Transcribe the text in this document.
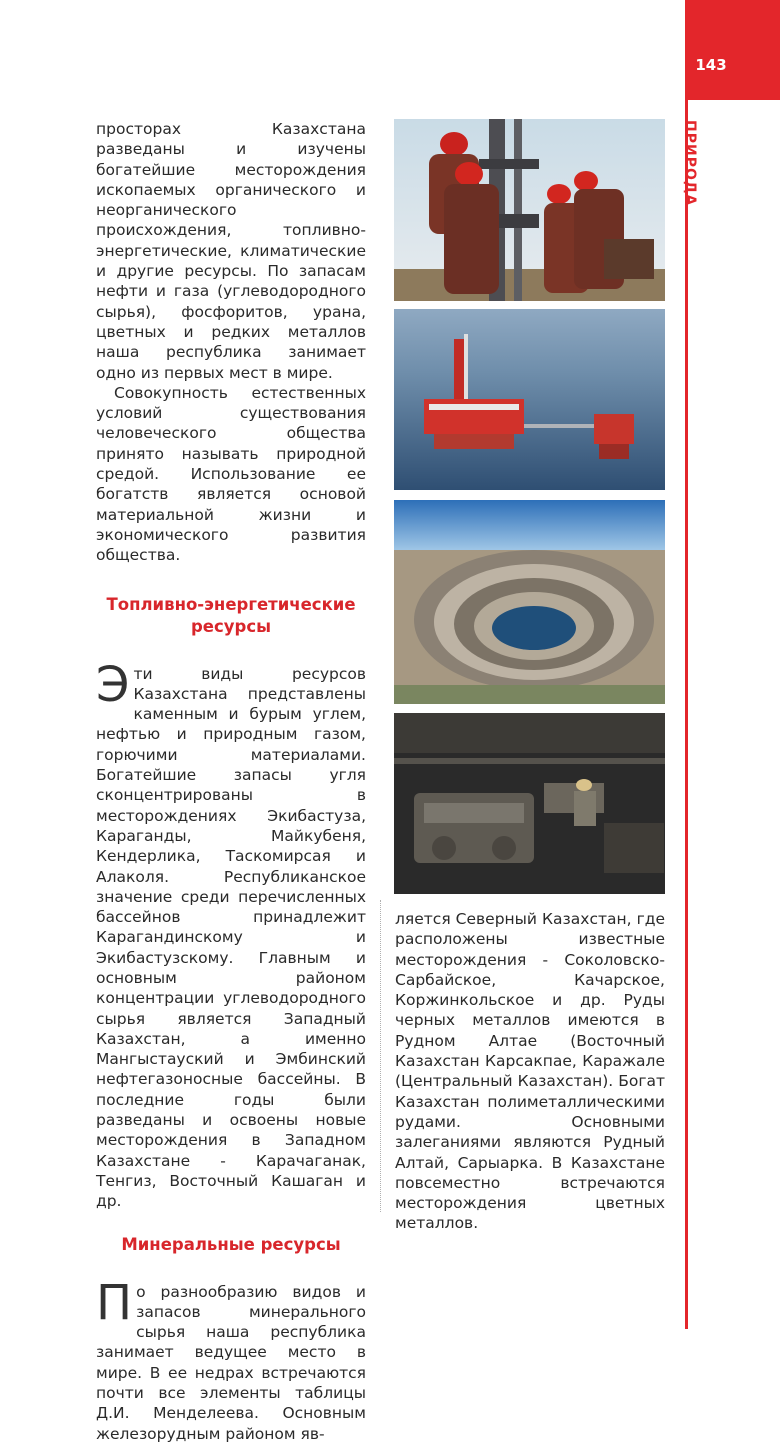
143
ПРИРОДА

просторах Казахстана разведаны и изучены богатейшие месторождения ископаемых органического и неорганического происхождения, топливно-энергетические, климатические и другие ресурсы. По запасам нефти и газа (углеводородного сырья), фосфоритов, урана, цветных и редких металлов наша республика занимает одно из первых мест в мире.

Совокупность естественных условий существования человеческого общества принято называть природной средой. Использование ее богатств является основой материальной жизни и экономического развития общества.

Топливно-энергетические ресурсы

Эти виды ресурсов Казахстана представлены каменным и бурым углем, нефтью и природным газом, горючими материалами. Богатейшие запасы угля сконцентрированы в месторождениях Экибастуза, Караганды, Майкубеня, Кендерлика, Таскомирсая и Алаколя. Республиканское значение среди перечисленных бассейнов принадлежит Карагандинскому и Экибастузскому. Главным и основным районом концентрации углеводородного сырья является Западный Казахстан, а именно Мангыстауский и Эмбинский нефтегазоносные бассейны. В последние годы были разведаны и освоены новые месторождения в Западном Казахстане - Карачаганак, Тенгиз, Восточный Кашаган и др.

Минеральные ресурсы

По разнообразию видов и запасов минерального сырья наша республика занимает ведущее место в мире. В ее недрах встречаются почти все элементы таблицы Д.И. Менделеева. Основным железорудным районом яв-

ляется Северный Казахстан, где расположены известные месторождения - Соколовско-Сарбайское, Качарское, Коржинкольское и др. Руды черных металлов имеются в Рудном Алтае (Восточный Казахстан Карсакпае, Каражале (Центральный Казахстан). Богат Казахстан полиметаллическими рудами. Основными залеганиями являются Рудный Алтай, Сарыарка. В Казахстане повсеместно встречаются месторождения цветных металлов.
